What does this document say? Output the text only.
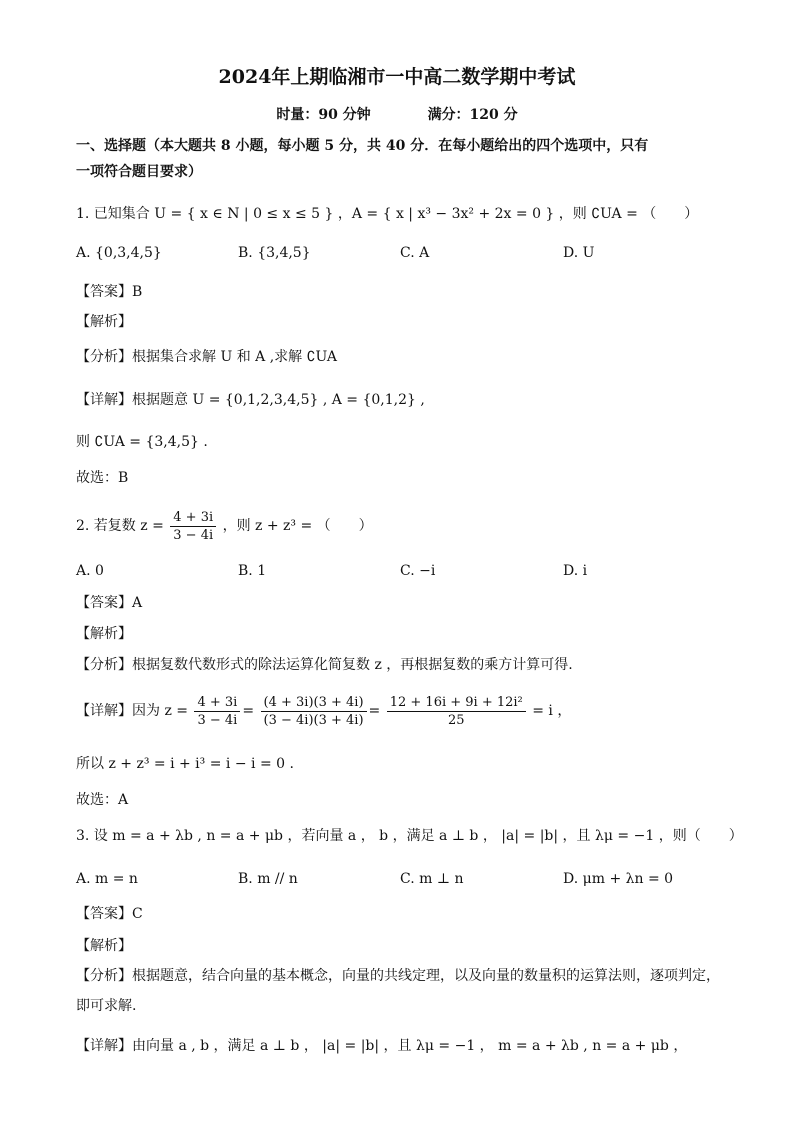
2024年上期临湘市一中高二数学期中考试
时量：90 分钟	满分：120 分
一、选择题（本大题共 8 小题，每小题 5 分，共 40 分．在每小题给出的四个选项中，只有
一项符合题目要求）
1. 已知集合 U = { x ∈ N | 0 ≤ x ≤ 5 } ，A = { x | x³ − 3x² + 2x = 0 } ，则 ∁UA = （　　）
A. {0,3,4,5}	B. {3,4,5}	C. A	D. U
【答案】B
【解析】
【分析】根据集合求解 U 和 A ,求解 ∁UA
【详解】根据题意 U = {0,1,2,3,4,5} , A = {0,1,2} ,
则 ∁UA = {3,4,5} .
故选：B
2. 若复数 $z = \frac{4 + 3i}{3 - 4i}$ ，则 z + z³ = （　　）
A. 0	B. 1	C. −i	D. i
【答案】A
【解析】
【分析】根据复数代数形式的除法运算化简复数 z ，再根据复数的乘方计算可得.
【详解】因为 $z = \frac{4 + 3i}{3 - 4i} = \frac{(4 + 3i)(3 + 4i)}{(3 - 4i)(3 + 4i)} = \frac{\text{12 + 16i + 9i + 12i²}}{25} = i$ ，
所以 z + z³ = i + i³ = i − i = 0 .
故选：A
3. 设 m = a + λb , n = a + μb ，若向量 a ， b ，满足 a ⊥ b ， |a| = |b| ，且 λμ = −1 ，则（　　）
A. m = n	B. m // n	C. m ⊥ n	D. μm + λn = 0
【答案】C
【解析】
【分析】根据题意，结合向量的基本概念，向量的共线定理，以及向量的数量积的运算法则，逐项判定，
即可求解.
【详解】由向量 a , b ，满足 a ⊥ b ， |a| = |b| ，且 λμ = −1 ， m = a + λb , n = a + μb ，
